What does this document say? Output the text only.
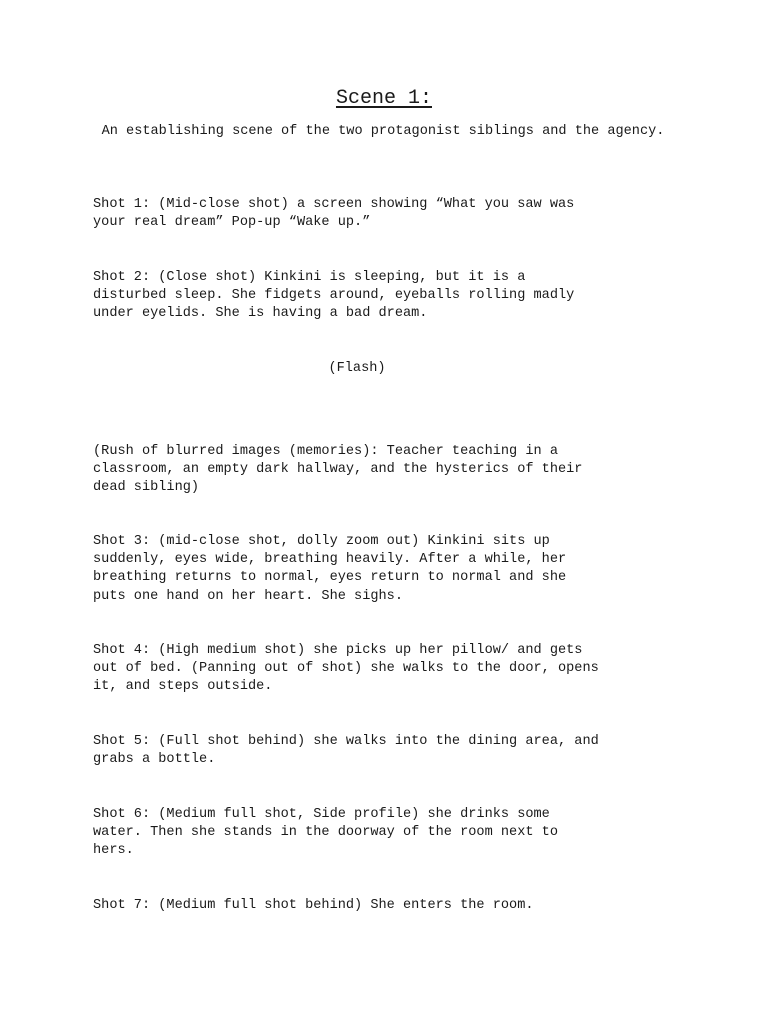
Scene 1:
An establishing scene of the two protagonist siblings and the agency.
Shot 1: (Mid-close shot) a screen showing “What you saw was
your real dream” Pop-up “Wake up.”
Shot 2: (Close shot) Kinkini is sleeping, but it is a
disturbed sleep. She fidgets around, eyeballs rolling madly
under eyelids. She is having a bad dream.
(Flash)
(Rush of blurred images (memories): Teacher teaching in a
classroom, an empty dark hallway, and the hysterics of their
dead sibling)
Shot 3: (mid-close shot, dolly zoom out) Kinkini sits up
suddenly, eyes wide, breathing heavily. After a while, her
breathing returns to normal, eyes return to normal and she
puts one hand on her heart. She sighs.
Shot 4: (High medium shot) she picks up her pillow/ and gets
out of bed. (Panning out of shot) she walks to the door, opens
it, and steps outside.
Shot 5: (Full shot behind) she walks into the dining area, and
grabs a bottle.
Shot 6: (Medium full shot, Side profile) she drinks some
water. Then she stands in the doorway of the room next to
hers.
Shot 7: (Medium full shot behind) She enters the room.
